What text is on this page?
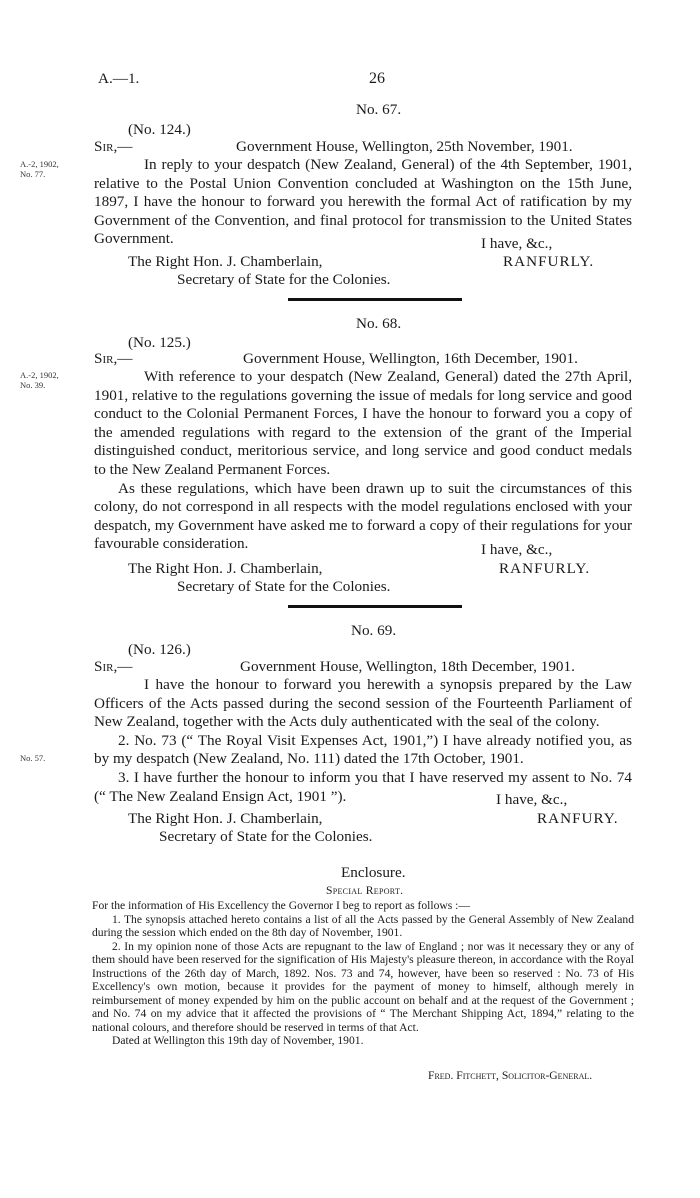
A.—1.	26
No. 67.
(No. 124.)
Sir,—	Government House, Wellington, 25th November, 1901.
A.-2, 1902,
No. 77.

In reply to your despatch (New Zealand, General) of the 4th September, 1901, relative to the Postal Union Convention concluded at Washington on the 15th June, 1897, I have the honour to forward you herewith the formal Act of ratification by my Government of the Convention, and final protocol for transmission to the United States Government.	I have, &c.,
The Right Hon. J. Chamberlain,	RANFURLY.
Secretary of State for the Colonies.
No. 68.
(No. 125.)
Sir,—	Government House, Wellington, 16th December, 1901.
A.-2, 1902,
No. 39.	With reference to your despatch (New Zealand, General) dated the 27th April, 1901, relative to the regulations governing the issue of medals for long service and good conduct to the Colonial Permanent Forces, I have the honour to forward you a copy of the amended regulations with regard to the extension of the grant of the Imperial distinguished conduct, meritorious service, and long service and good conduct medals to the New Zealand Permanent Forces.

As these regulations, which have been drawn up to suit the circumstances of this colony, do not correspond in all respects with the model regulations enclosed with your despatch, my Government have asked me to forward a copy of their regulations for your favourable consideration.	I have, &c.,
The Right Hon. J. Chamberlain,	RANFURLY.
Secretary of State for the Colonies.
No. 69.
(No. 126.)
Sir,—	Government House, Wellington, 18th December, 1901.
No. 57.

I have the honour to forward you herewith a synopsis prepared by the Law Officers of the Acts passed during the second session of the Fourteenth Parliament of New Zealand, together with the Acts duly authenticated with the seal of the colony.

2. No. 73 (“ The Royal Visit Expenses Act, 1901,”) I have already notified you, as by my despatch (New Zealand, No. 111) dated the 17th October, 1901.

3. I have further the honour to inform you that I have reserved my assent to No. 74 (“ The New Zealand Ensign Act, 1901 ”).	I have, &c.,
The Right Hon. J. Chamberlain,	RANFURY.
Secretary of State for the Colonies.
Enclosure.
Special Report.

For the information of His Excellency the Governor I beg to report as follows :—

1. The synopsis attached hereto contains a list of all the Acts passed by the General Assembly of New Zealand during the session which ended on the 8th day of November, 1901.

2. In my opinion none of those Acts are repugnant to the law of England ; nor was it necessary they or any of them should have been reserved for the signification of His Majesty's pleasure thereon, in accordance with the Royal Instructions of the 26th day of March, 1892. Nos. 73 and 74, however, have been so reserved : No. 73 of His Excellency's own motion, because it provides for the payment of money to himself, although merely in reimbursement of money expended by him on the public account on behalf and at the request of the Government ; and No. 74 on my advice that it affected the provisions of “ The Merchant Shipping Act, 1894,” relating to the national colours, and therefore should be reserved in terms of that Act.

Dated at Wellington this 19th day of November, 1901.

Fred. Fitchett, Solicitor-General.
